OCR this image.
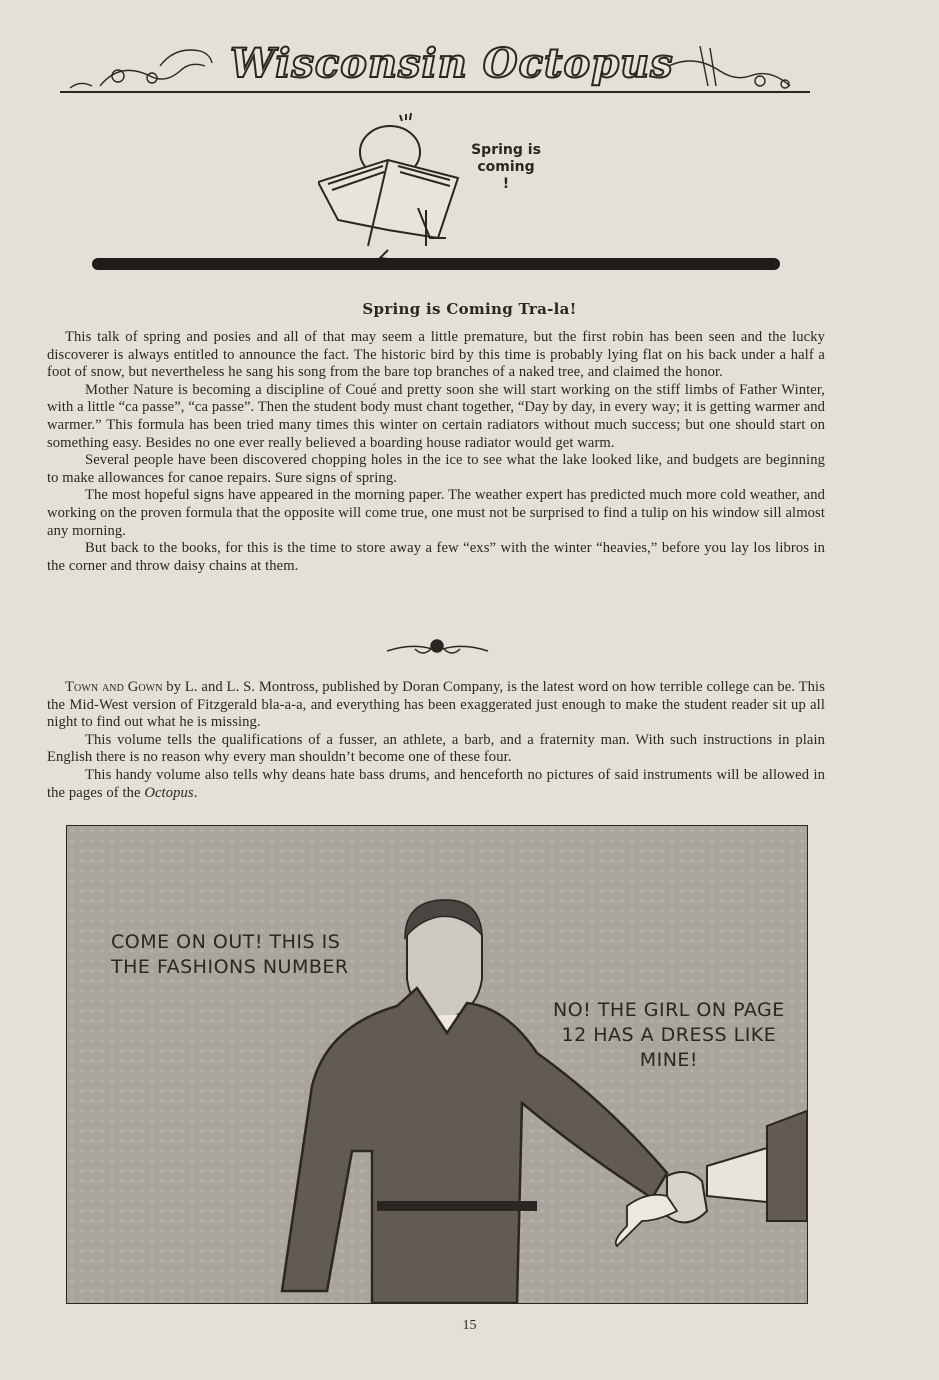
Wisconsin Octopus
Spring is
coming
!
Spring is Coming Tra-la!

This talk of spring and posies and all of that may seem a little premature, but the first robin has been seen and the lucky discoverer is always entitled to announce the fact. The historic bird by this time is probably lying flat on his back under a half a foot of snow, but nevertheless he sang his song from the bare top branches of a naked tree, and claimed the honor.

Mother Nature is becoming a discipline of Coué and pretty soon she will start working on the stiff limbs of Father Winter, with a little “ca passe”, “ca passe”. Then the student body must chant together, “Day by day, in every way; it is getting warmer and warmer.” This formula has been tried many times this winter on certain radiators without much success; but one should start on something easy. Besides no one ever really believed a boarding house radiator would get warm.

Several people have been discovered chopping holes in the ice to see what the lake looked like, and budgets are beginning to make allowances for canoe repairs. Sure signs of spring.

The most hopeful signs have appeared in the morning paper. The weather expert has predicted much more cold weather, and working on the proven formula that the opposite will come true, one must not be surprised to find a tulip on his window sill almost any morning.

But back to the books, for this is the time to store away a few “exs” with the winter “heavies,” before you lay los libros in the corner and throw daisy chains at them.

Town and Gown by L. and L. S. Montross, published by Doran Company, is the latest word on how terrible college can be. This the Mid-West version of Fitzgerald bla-a-a, and everything has been exaggerated just enough to make the student reader sit up all night to find out what he is missing.

This volume tells the qualifications of a fusser, an athlete, a barb, and a fraternity man. With such instructions in plain English there is no reason why every man shouldn’t become one of these four.

This handy volume also tells why deans hate bass drums, and henceforth no pictures of said instruments will be allowed in the pages of the Octopus.

COME ON OUT! THIS IS
THE FASHIONS NUMBER
NO! THE GIRL ON PAGE
12 HAS A DRESS LIKE
MINE!
15
